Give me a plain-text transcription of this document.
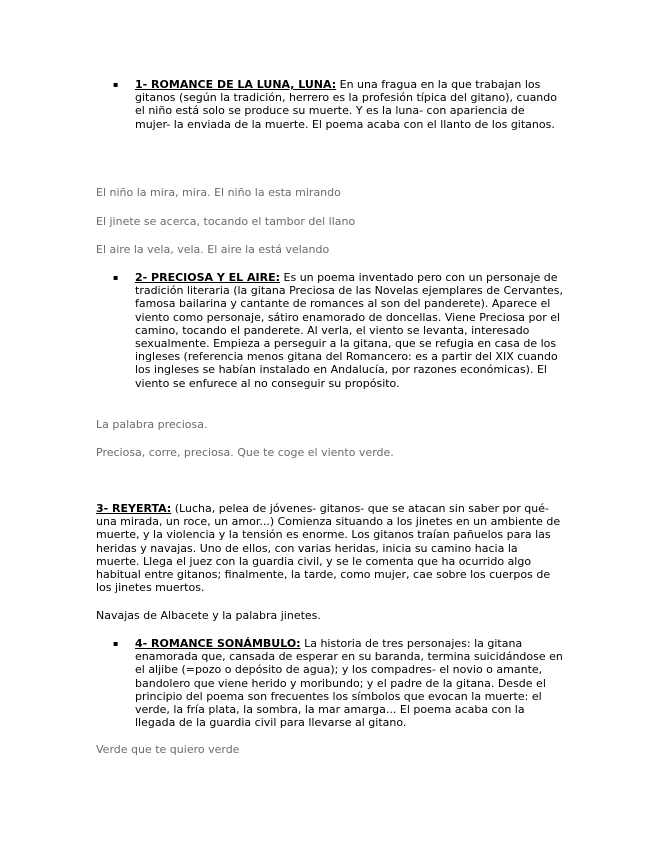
▪ 1- ROMANCE DE LA LUNA, LUNA: En una fragua en la que trabajan los gitanos (según la tradición, herrero es la profesión típica del gitano), cuando el niño está solo se produce su muerte. Y es la luna- con apariencia de mujer- la enviada de la muerte. El poema acaba con el llanto de los gitanos.
El niño la mira, mira. El niño la esta mirando
El jinete se acerca, tocando el tambor del llano
El aire la vela, vela. El aire la está velando
▪ 2- PRECIOSA Y EL AIRE: Es un poema inventado pero con un personaje de tradición literaria (la gitana Preciosa de las Novelas ejemplares de Cervantes, famosa bailarina y cantante de romances al son del panderete). Aparece el viento como personaje, sátiro enamorado de doncellas. Viene Preciosa por el camino, tocando el panderete. Al verla, el viento se levanta, interesado sexualmente. Empieza a perseguir a la gitana, que se refugia en casa de los ingleses (referencia menos gitana del Romancero: es a partir del XIX cuando los ingleses se habían instalado en Andalucía, por razones económicas). El viento se enfurece al no conseguir su propósito.
La palabra preciosa.
Preciosa, corre, preciosa. Que te coge el viento verde.
3- REYERTA: (Lucha, pelea de jóvenes- gitanos- que se atacan sin saber por qué- una mirada, un roce, un amor...) Comienza situando a los jinetes en un ambiente de muerte, y la violencia y la tensión es enorme. Los gitanos traían pañuelos para las heridas y navajas. Uno de ellos, con varias heridas, inicia su camino hacia la muerte. Llega el juez con la guardia civil, y se le comenta que ha ocurrido algo habitual entre gitanos; finalmente, la tarde, como mujer, cae sobre los cuerpos de los jinetes muertos.
Navajas de Albacete y la palabra jinetes.
▪ 4- ROMANCE SONÁMBULO: La historia de tres personajes: la gitana enamorada que, cansada de esperar en su baranda, termina suicidándose en el aljibe (=pozo o depósito de agua); y los compadres- el novio o amante, bandolero que viene herido y moribundo; y el padre de la gitana. Desde el principio del poema son frecuentes los símbolos que evocan la muerte: el verde, la fría plata, la sombra, la mar amarga... El poema acaba con la llegada de la guardia civil para llevarse al gitano.
Verde que te quiero verde
